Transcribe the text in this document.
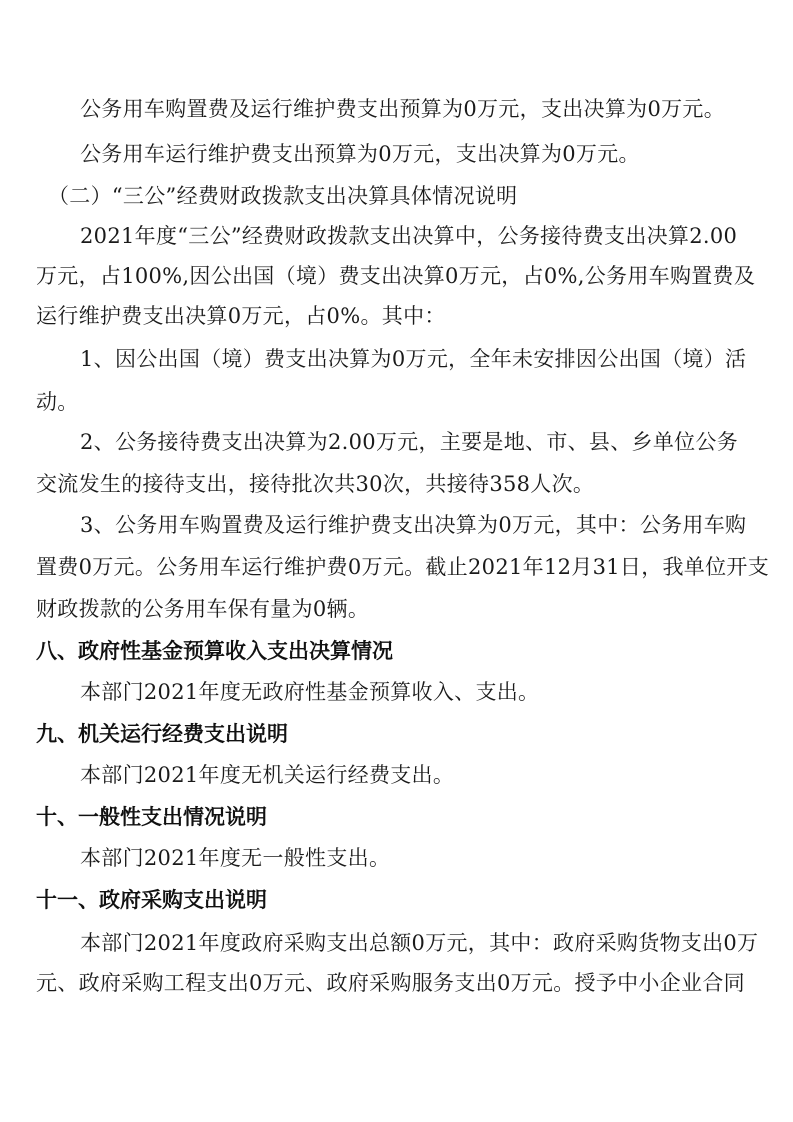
公务用车购置费及运行维护费支出预算为0万元，支出决算为0万元。
公务用车运行维护费支出预算为0万元，支出决算为0万元。
（二）“三公”经费财政拨款支出决算具体情况说明
2021年度“三公”经费财政拨款支出决算中，公务接待费支出决算2.00
万元，占100%,因公出国（境）费支出决算0万元，占0%,公务用车购置费及
运行维护费支出决算0万元，占0%。其中：
1、因公出国（境）费支出决算为0万元，全年未安排因公出国（境）活
动。
2、公务接待费支出决算为2.00万元，主要是地、市、县、乡单位公务
交流发生的接待支出，接待批次共30次，共接待358人次。
3、公务用车购置费及运行维护费支出决算为0万元，其中：公务用车购
置费0万元。公务用车运行维护费0万元。截止2021年12月31日，我单位开支
财政拨款的公务用车保有量为0辆。
八、政府性基金预算收入支出决算情况
本部门2021年度无政府性基金预算收入、支出。
九、机关运行经费支出说明
本部门2021年度无机关运行经费支出。
十、一般性支出情况说明
本部门2021年度无一般性支出。
十一、政府采购支出说明
本部门2021年度政府采购支出总额0万元，其中：政府采购货物支出0万
元、政府采购工程支出0万元、政府采购服务支出0万元。授予中小企业合同
